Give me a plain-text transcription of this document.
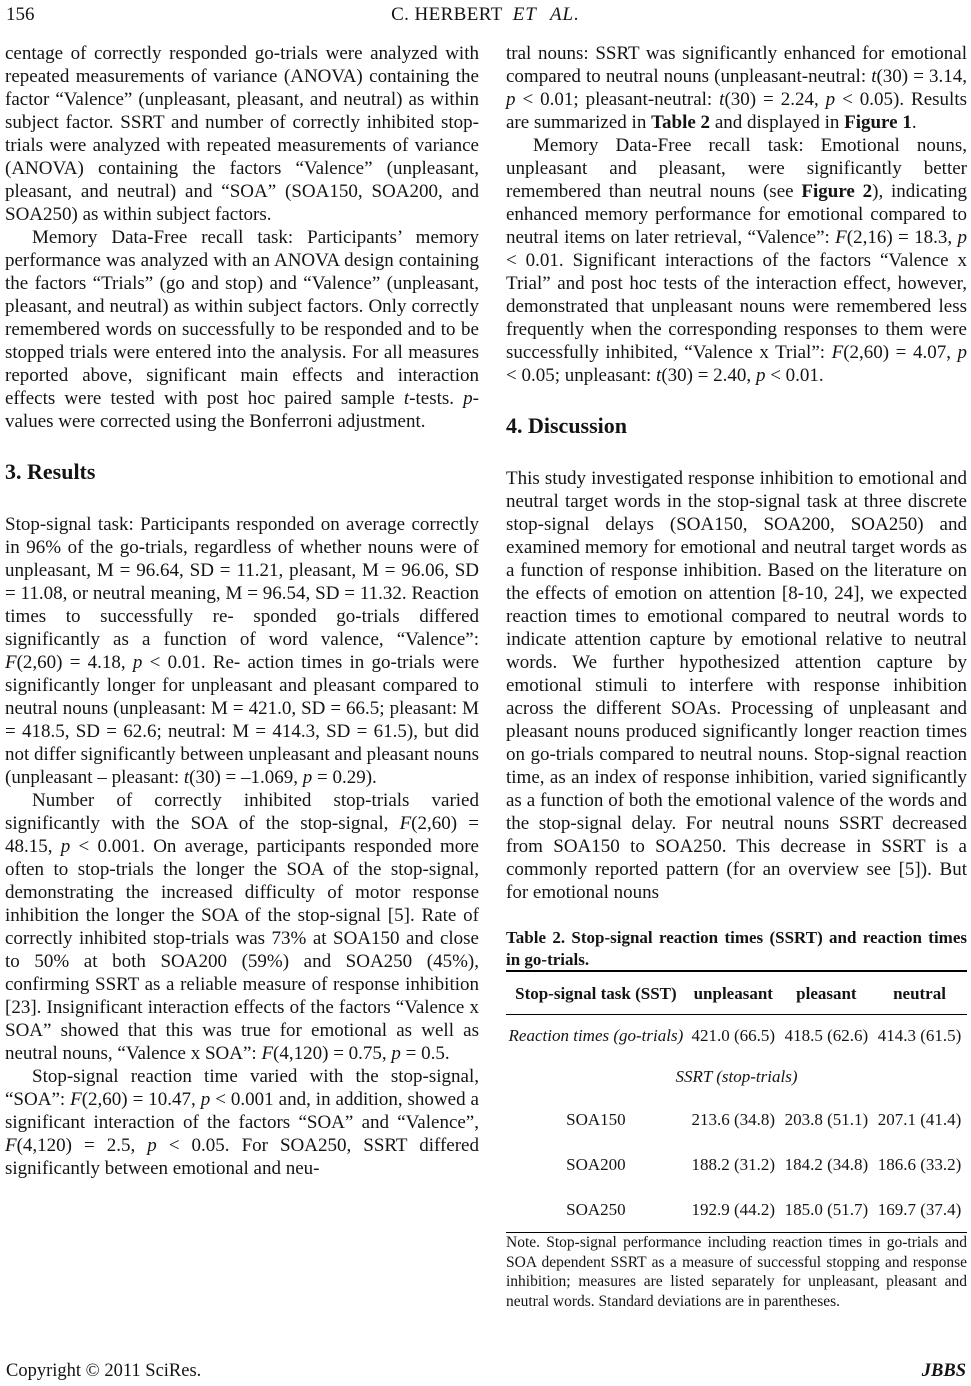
156	C. HERBERT ET AL.

centage of correctly responded go-trials were analyzed with repeated measurements of variance (ANOVA) containing the factor “Valence” (unpleasant, pleasant, and neutral) as within subject factor. SSRT and number of correctly inhibited stop-trials were analyzed with repeated measurements of variance (ANOVA) containing the factors “Valence” (unpleasant, pleasant, and neutral) and “SOA” (SOA150, SOA200, and SOA250) as within subject factors.

Memory Data-Free recall task: Participants’ memory performance was analyzed with an ANOVA design containing the factors “Trials” (go and stop) and “Valence” (unpleasant, pleasant, and neutral) as within subject factors. Only correctly remembered words on successfully to be responded and to be stopped trials were entered into the analysis. For all measures reported above, significant main effects and interaction effects were tested with post hoc paired sample t-tests. p-values were corrected using the Bonferroni adjustment.

3. Results

Stop-signal task: Participants responded on average correctly in 96% of the go-trials, regardless of whether nouns were of unpleasant, M = 96.64, SD = 11.21, pleasant, M = 96.06, SD = 11.08, or neutral meaning, M = 96.54, SD = 11.32. Reaction times to successfully re- sponded go-trials differed significantly as a function of word valence, “Valence”: F(2,60) = 4.18, p < 0.01. Re- action times in go-trials were significantly longer for unpleasant and pleasant compared to neutral nouns (unpleasant: M = 421.0, SD = 66.5; pleasant: M = 418.5, SD = 62.6; neutral: M = 414.3, SD = 61.5), but did not differ significantly between unpleasant and pleasant nouns (unpleasant – pleasant: t(30) = –1.069, p = 0.29).

Number of correctly inhibited stop-trials varied significantly with the SOA of the stop-signal, F(2,60) = 48.15, p < 0.001. On average, participants responded more often to stop-trials the longer the SOA of the stop-signal, demonstrating the increased difficulty of motor response inhibition the longer the SOA of the stop-signal [5]. Rate of correctly inhibited stop-trials was 73% at SOA150 and close to 50% at both SOA200 (59%) and SOA250 (45%), confirming SSRT as a reliable measure of response inhibition [23]. Insignificant interaction effects of the factors “Valence x SOA” showed that this was true for emotional as well as neutral nouns, “Valence x SOA”: F(4,120) = 0.75, p = 0.5.

Stop-signal reaction time varied with the stop-signal, “SOA”: F(2,60) = 10.47, p < 0.001 and, in addition, showed a significant interaction of the factors “SOA” and “Valence”, F(4,120) = 2.5, p < 0.05. For SOA250, SSRT differed significantly between emotional and neu-

tral nouns: SSRT was significantly enhanced for emotional compared to neutral nouns (unpleasant-neutral: t(30) = 3.14, p < 0.01; pleasant-neutral: t(30) = 2.24, p < 0.05). Results are summarized in Table 2 and displayed in Figure 1.

Memory Data-Free recall task: Emotional nouns, unpleasant and pleasant, were significantly better remembered than neutral nouns (see Figure 2), indicating enhanced memory performance for emotional compared to neutral items on later retrieval, “Valence”: F(2,16) = 18.3, p < 0.01. Significant interactions of the factors “Valence x Trial” and post hoc tests of the interaction effect, however, demonstrated that unpleasant nouns were remembered less frequently when the corresponding responses to them were successfully inhibited, “Valence x Trial”: F(2,60) = 4.07, p < 0.05; unpleasant: t(30) = 2.40, p < 0.01.

4. Discussion

This study investigated response inhibition to emotional and neutral target words in the stop-signal task at three discrete stop-signal delays (SOA150, SOA200, SOA250) and examined memory for emotional and neutral target words as a function of response inhibition. Based on the literature on the effects of emotion on attention [8-10, 24], we expected reaction times to emotional compared to neutral words to indicate attention capture by emotional relative to neutral words. We further hypothesized attention capture by emotional stimuli to interfere with response inhibition across the different SOAs. Processing of unpleasant and pleasant nouns produced significantly longer reaction times on go-trials compared to neutral nouns. Stop-signal reaction time, as an index of response inhibition, varied significantly as a function of both the emotional valence of the words and the stop-signal delay. For neutral nouns SSRT decreased from SOA150 to SOA250. This decrease in SSRT is a commonly reported pattern (for an overview see [5]). But for emotional nouns

Table 2. Stop-signal reaction times (SSRT) and reaction times in go-trials.

Stop-signal task (SST)	unpleasant	pleasant	neutral
Reaction times (go-trials)	421.0 (66.5)	418.5 (62.6)	414.3 (61.5)
SSRT (stop-trials)			
SOA150	213.6 (34.8)	203.8 (51.1)	207.1 (41.4)
SOA200	188.2 (31.2)	184.2 (34.8)	186.6 (33.2)
SOA250	192.9 (44.2)	185.0 (51.7)	169.7 (37.4)

Note. Stop-signal performance including reaction times in go-trials and SOA dependent SSRT as a measure of successful stopping and response inhibition; measures are listed separately for unpleasant, pleasant and neutral words. Standard deviations are in parentheses.

Copyright © 2011 SciRes.	JBBS
